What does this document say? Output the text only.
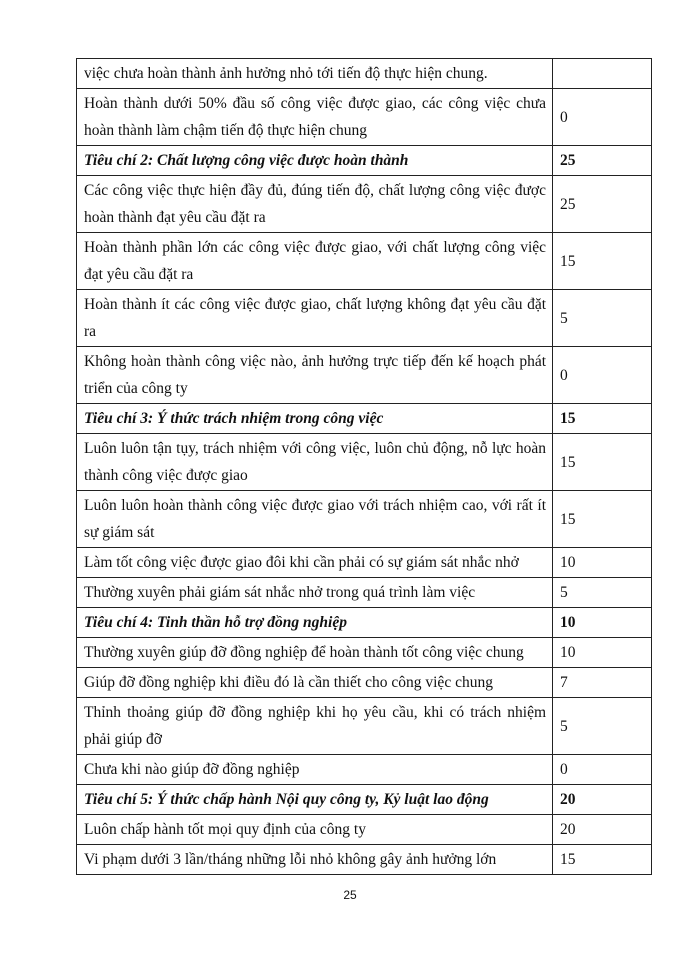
việc chưa hoàn thành ảnh hưởng nhỏ tới tiến độ thực hiện chung.	
Hoàn thành dưới 50% đầu số công việc được giao, các công việc chưa hoàn thành làm chậm tiến độ thực hiện chung	0
Tiêu chí 2: Chất lượng công việc được hoàn thành	25
Các công việc thực hiện đầy đủ, đúng tiến độ, chất lượng công việc được hoàn thành đạt yêu cầu đặt ra	25
Hoàn thành phần lớn các công việc được giao, với chất lượng công việc đạt yêu cầu đặt ra	15
Hoàn thành ít các công việc được giao, chất lượng không đạt yêu cầu đặt ra	5
Không hoàn thành công việc nào, ảnh hưởng trực tiếp đến kế hoạch phát triển của công ty	0
Tiêu chí 3: Ý thức trách nhiệm trong công việc	15
Luôn luôn tận tụy, trách nhiệm với công việc, luôn chủ động, nỗ lực hoàn thành công việc được giao	15
Luôn luôn hoàn thành công việc được giao với trách nhiệm cao, với rất ít sự giám sát	15
Làm tốt công việc được giao đôi khi cần phải có sự giám sát nhắc nhở	10
Thường xuyên phải giám sát nhắc nhở trong quá trình làm việc	5
Tiêu chí 4: Tinh thần hỗ trợ đồng nghiệp	10
Thường xuyên giúp đỡ đồng nghiệp để hoàn thành tốt công việc chung	10
Giúp đỡ đồng nghiệp khi điều đó là cần thiết cho công việc chung	7
Thỉnh thoảng giúp đỡ đồng nghiệp khi họ yêu cầu, khi có trách nhiệm phải giúp đỡ	5
Chưa khi nào giúp đỡ đồng nghiệp	0
Tiêu chí 5: Ý thức chấp hành Nội quy công ty, Kỷ luật lao động	20
Luôn chấp hành tốt mọi quy định của công ty	20
Vi phạm dưới 3 lần/tháng những lỗi nhỏ không gây ảnh hưởng lớn	15
25
